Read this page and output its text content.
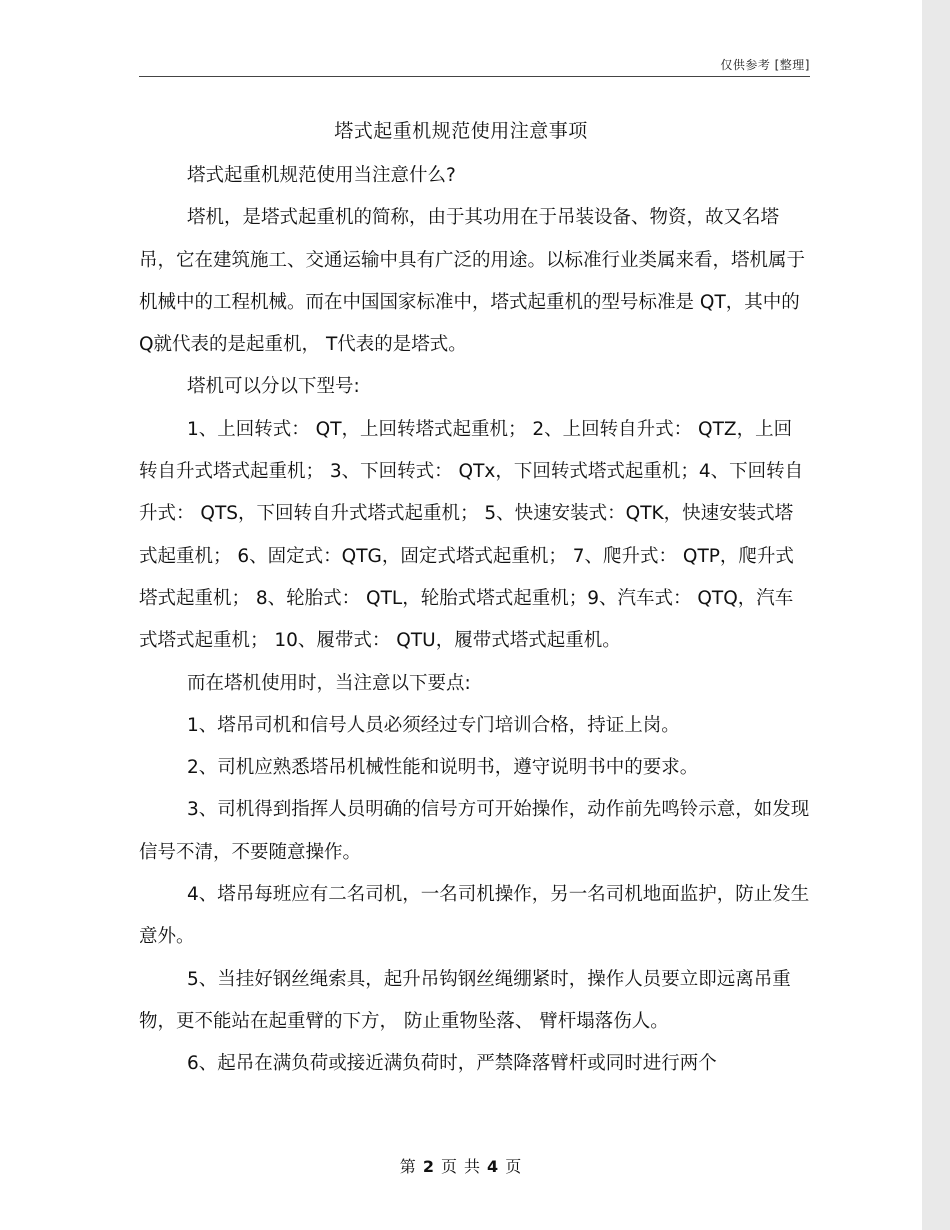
仅供参考 [整理]
塔式起重机规范使用注意事项

塔式起重机规范使用当注意什么?

塔机，是塔式起重机的简称，由于其功用在于吊装设备、物资，故又名塔吊，它在建筑施工、交通运输中具有广泛的用途。以标准行业类属来看，塔机属于机械中的工程机械。而在中国国家标准中，塔式起重机的型号标准是 QT，其中的 Q就代表的是起重机， T代表的是塔式。

塔机可以分以下型号:

1、上回转式： QT，上回转塔式起重机； 2、上回转自升式： QTZ，上回转自升式塔式起重机； 3、下回转式： QTx，下回转式塔式起重机；4、下回转自升式： QTS，下回转自升式塔式起重机； 5、快速安装式：QTK，快速安装式塔式起重机； 6、固定式：QTG，固定式塔式起重机； 7、爬升式： QTP，爬升式塔式起重机； 8、轮胎式： QTL，轮胎式塔式起重机；9、汽车式： QTQ，汽车式塔式起重机； 10、履带式： QTU，履带式塔式起重机。

而在塔机使用时，当注意以下要点:

1、塔吊司机和信号人员必须经过专门培训合格，持证上岗。

2、司机应熟悉塔吊机械性能和说明书，遵守说明书中的要求。

3、司机得到指挥人员明确的信号方可开始操作，动作前先鸣铃示意，如发现信号不清，不要随意操作。

4、塔吊每班应有二名司机，一名司机操作，另一名司机地面监护，防止发生意外。

5、当挂好钢丝绳索具，起升吊钩钢丝绳绷紧时，操作人员要立即远离吊重物，更不能站在起重臂的下方， 防止重物坠落、 臂杆塌落伤人。

6、起吊在满负荷或接近满负荷时，严禁降落臂杆或同时进行两个

第 2 页 共 4 页
